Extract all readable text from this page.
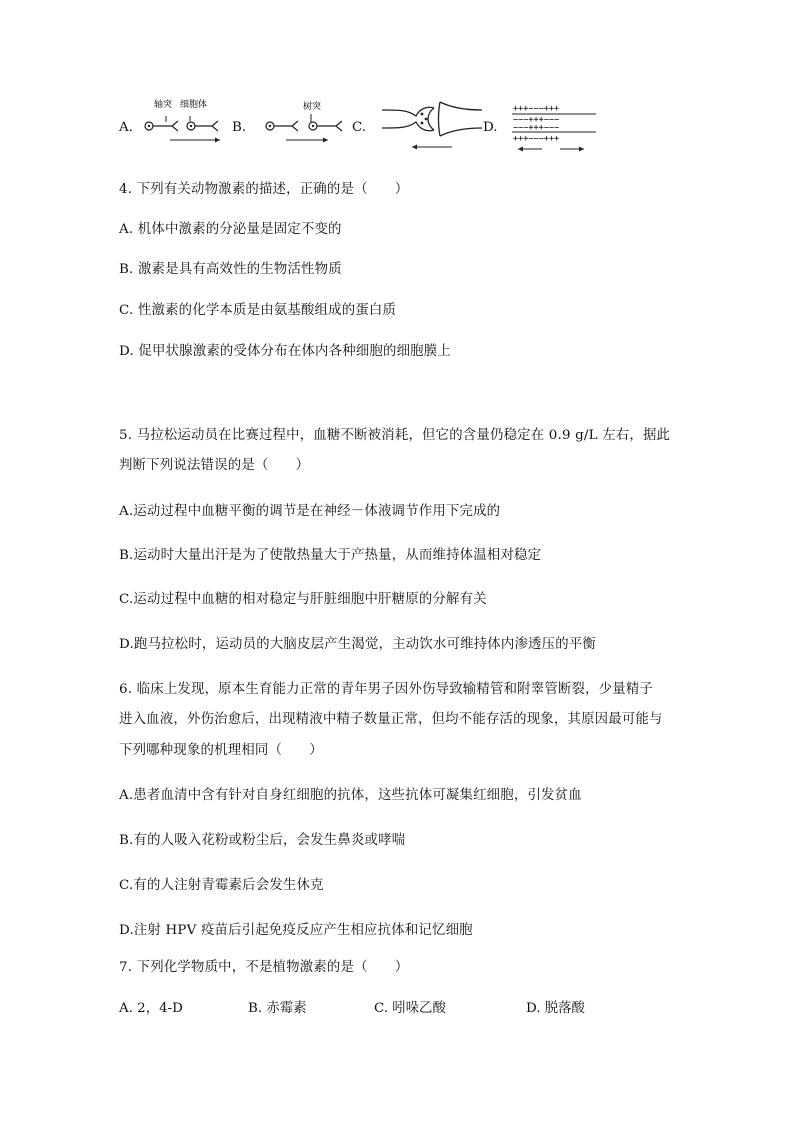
A.
轴突 细胞体
B.
树突
C.	D.
+++−−−+++
−−−+++−−−
−−−+++−−−
+++−−−+++
4. 下列有关动物激素的描述，正确的是（　　）
A. 机体中激素的分泌量是固定不变的
B. 激素是具有高效性的生物活性物质
C. 性激素的化学本质是由氨基酸组成的蛋白质
D. 促甲状腺激素的受体分布在体内各种细胞的细胞膜上
5. 马拉松运动员在比赛过程中，血糖不断被消耗，但它的含量仍稳定在 0.9 g/L 左右，据此
判断下列说法错误的是（　　）
A.运动过程中血糖平衡的调节是在神经－体液调节作用下完成的
B.运动时大量出汗是为了使散热量大于产热量，从而维持体温相对稳定
C.运动过程中血糖的相对稳定与肝脏细胞中肝糖原的分解有关
D.跑马拉松时，运动员的大脑皮层产生渴觉，主动饮水可维持体内渗透压的平衡
6. 临床上发现，原本生育能力正常的青年男子因外伤导致输精管和附睾管断裂，少量精子
进入血液，外伤治愈后，出现精液中精子数量正常，但均不能存活的现象，其原因最可能与
下列哪种现象的机理相同（　　）
A.患者血清中含有针对自身红细胞的抗体，这些抗体可凝集红细胞，引发贫血
B.有的人吸入花粉或粉尘后，会发生鼻炎或哮喘
C.有的人注射青霉素后会发生休克
D.注射 HPV 疫苗后引起免疫反应产生相应抗体和记忆细胞
7. 下列化学物质中，不是植物激素的是（　　）
A. 2，4-D	B. 赤霉素	C. 吲哚乙酸	D. 脱落酸
